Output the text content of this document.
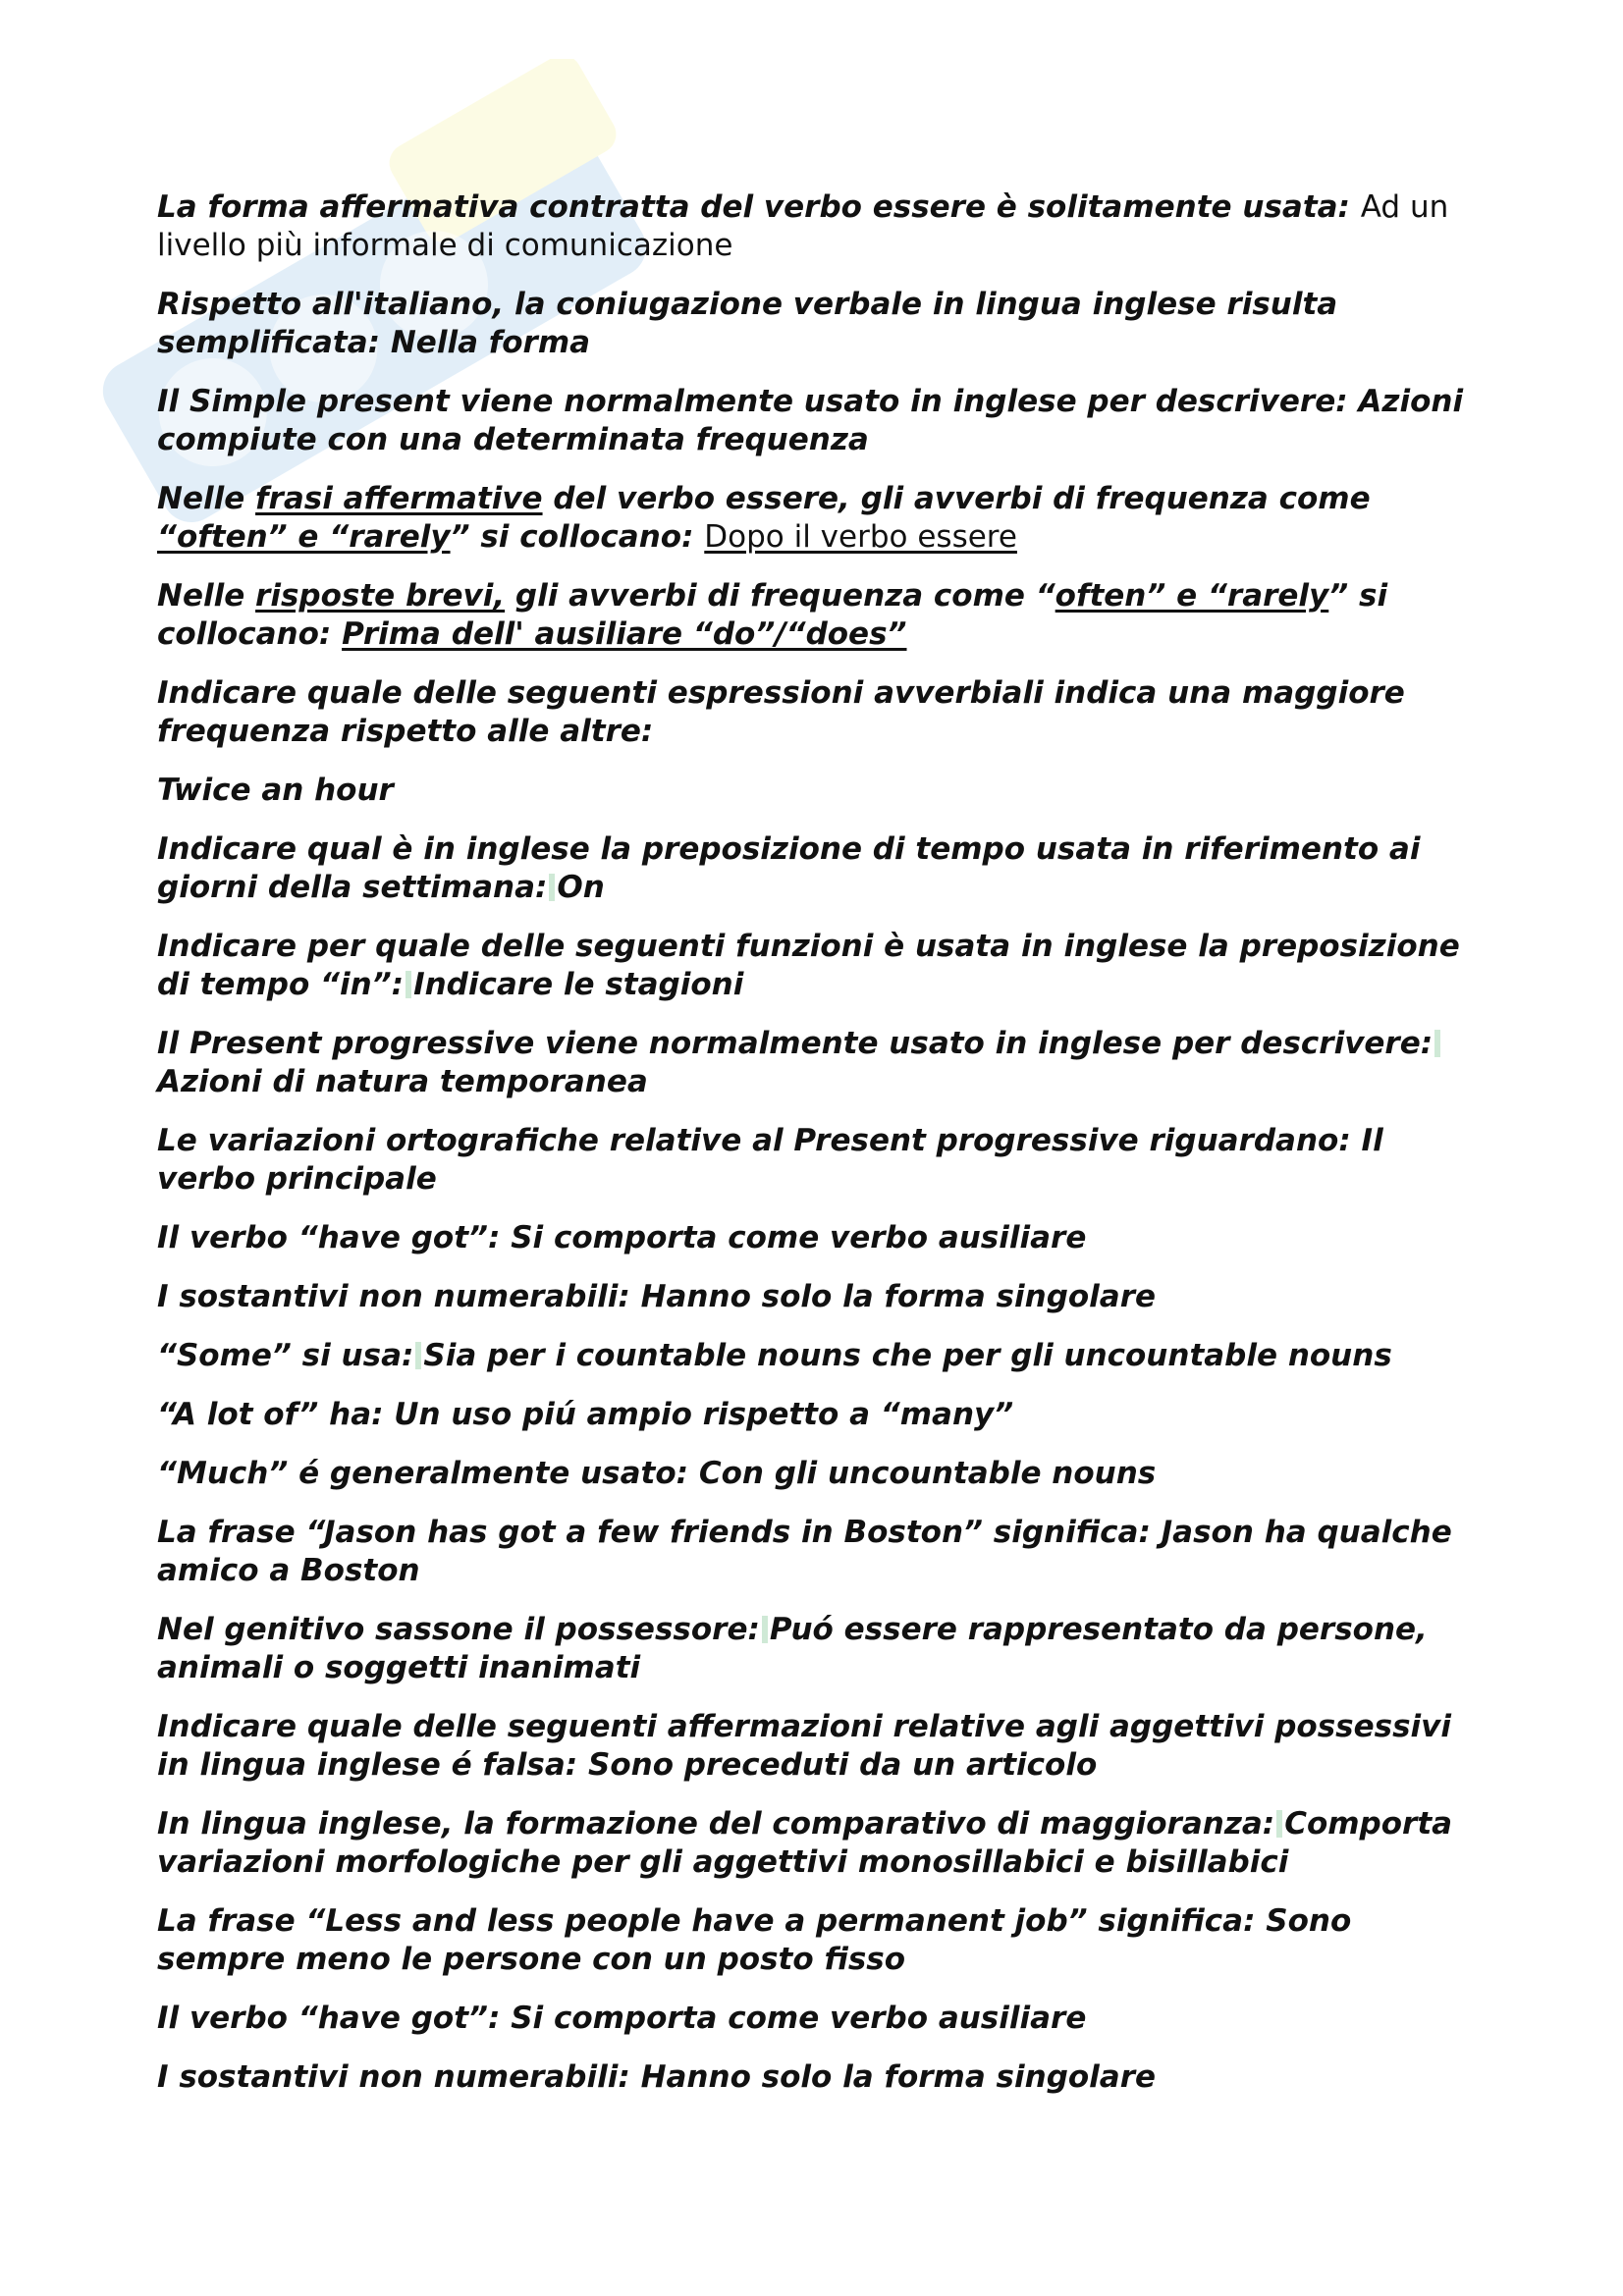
La forma affermativa contratta del verbo essere è solitamente usata: Ad un livello più informale di comunicazione

Rispetto all'italiano, la coniugazione verbale in lingua inglese risulta semplificata: Nella forma

Il Simple present viene normalmente usato in inglese per descrivere: Azioni compiute con una determinata frequenza

Nelle frasi affermative del verbo essere, gli avverbi di frequenza come “often” e “rarely” si collocano: Dopo il verbo essere

Nelle risposte brevi, gli avverbi di frequenza come “often” e “rarely” si collocano: Prima dell' ausiliare “do”/“does”

Indicare quale delle seguenti espressioni avverbiali indica una maggiore frequenza rispetto alle altre:

Twice an hour

Indicare qual è in inglese la preposizione di tempo usata in riferimento ai giorni della settimana: On

Indicare per quale delle seguenti funzioni è usata in inglese la preposizione di tempo “in”: Indicare le stagioni

Il Present progressive viene normalmente usato in inglese per descrivere: Azioni di natura temporanea

Le variazioni ortografiche relative al Present progressive riguardano: Il verbo principale

Il verbo “have got”: Si comporta come verbo ausiliare

I sostantivi non numerabili: Hanno solo la forma singolare

“Some” si usa: Sia per i countable nouns che per gli uncountable nouns

“A lot of” ha: Un uso piú ampio rispetto a “many”

“Much” é generalmente usato: Con gli uncountable nouns

La frase “Jason has got a few friends in Boston” significa: Jason ha qualche amico a Boston

Nel genitivo sassone il possessore: Puó essere rappresentato da persone, animali o soggetti inanimati

Indicare quale delle seguenti affermazioni relative agli aggettivi possessivi in lingua inglese é falsa: Sono preceduti da un articolo

In lingua inglese, la formazione del comparativo di maggioranza: Comporta variazioni morfologiche per gli aggettivi monosillabici e bisillabici

La frase “Less and less people have a permanent job” significa: Sono sempre meno le persone con un posto fisso

Il verbo “have got”: Si comporta come verbo ausiliare

I sostantivi non numerabili: Hanno solo la forma singolare
